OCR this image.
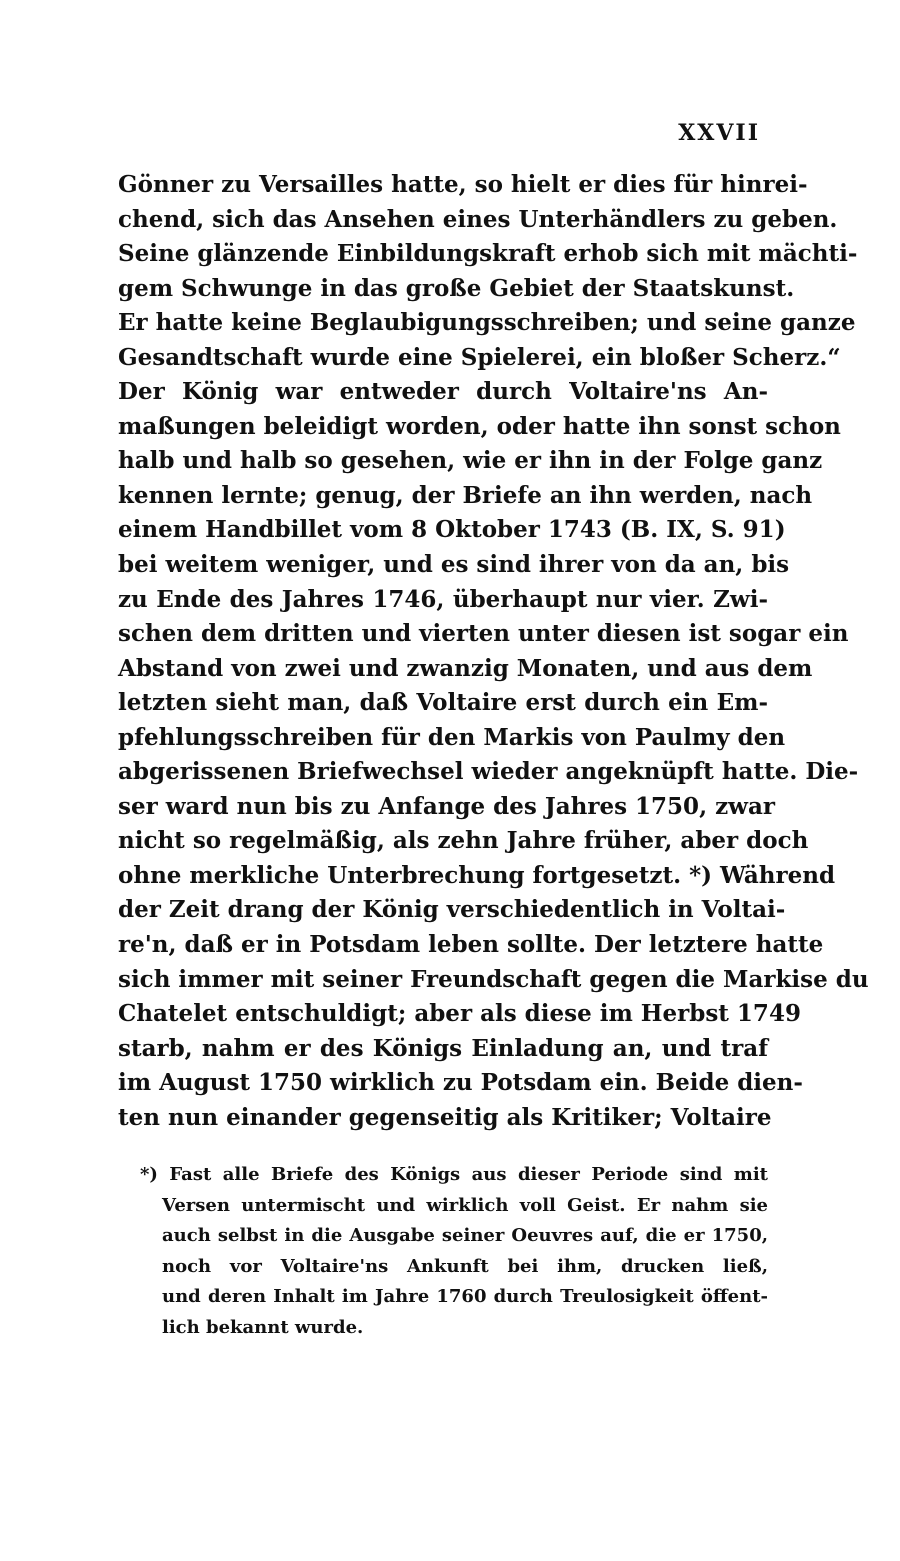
XXVII
Gönner zu Versailles hatte, so hielt er dies für hinrei-
chend, sich das Ansehen eines Unterhändlers zu geben.
Seine glänzende Einbildungskraft erhob sich mit mächti-
gem Schwunge in das große Gebiet der Staatskunst.
Er hatte keine Beglaubigungsschreiben; und seine ganze
Gesandtschaft wurde eine Spielerei, ein bloßer Scherz.“
Der König war entweder durch Voltaire'ns An-
maßungen beleidigt worden, oder hatte ihn sonst schon
halb und halb so gesehen, wie er ihn in der Folge ganz
kennen lernte; genug, der Briefe an ihn werden, nach
einem Handbillet vom 8 Oktober 1743 (B. IX, S. 91)
bei weitem weniger, und es sind ihrer von da an, bis
zu Ende des Jahres 1746, überhaupt nur vier. Zwi-
schen dem dritten und vierten unter diesen ist sogar ein
Abstand von zwei und zwanzig Monaten, und aus dem
letzten sieht man, daß Voltaire erst durch ein Em-
pfehlungsschreiben für den Markis von Paulmy den
abgerissenen Briefwechsel wieder angeknüpft hatte. Die-
ser ward nun bis zu Anfange des Jahres 1750, zwar
nicht so regelmäßig, als zehn Jahre früher, aber doch
ohne merkliche Unterbrechung fortgesetzt. *) Während
der Zeit drang der König verschiedentlich in Voltai-
re'n, daß er in Potsdam leben sollte. Der letztere hatte
sich immer mit seiner Freundschaft gegen die Markise du
Chatelet entschuldigt; aber als diese im Herbst 1749
starb, nahm er des Königs Einladung an, und traf
im August 1750 wirklich zu Potsdam ein. Beide dien-
ten nun einander gegenseitig als Kritiker; Voltaire
*) Fast alle Briefe des Königs aus dieser Periode sind mit
Versen untermischt und wirklich voll Geist. Er nahm sie
auch selbst in die Ausgabe seiner Oeuvres auf, die er 1750,
noch vor Voltaire'ns Ankunft bei ihm, drucken ließ,
und deren Inhalt im Jahre 1760 durch Treulosigkeit öffent-
lich bekannt wurde.
